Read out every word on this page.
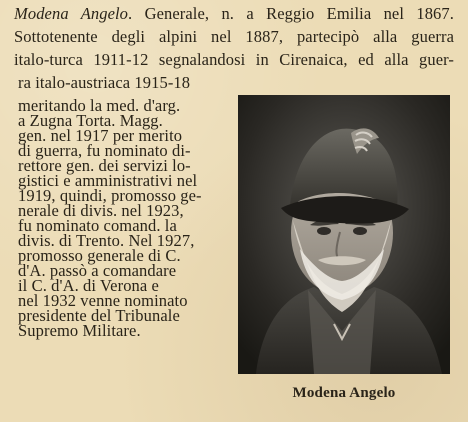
Modena Angelo. Generale, n. a Reggio Emilia nel 1867.
Sottotenente degli alpini nel 1887, partecipò alla guerra
italo-turca 1911-12 segnalandosi in Cirenaica, ed alla guer-
ra italo-austriaca 1915-18
meritando la med. d'arg.
a Zugna Torta. Magg.
gen. nel 1917 per merito
di guerra, fu nominato di-
rettore gen. dei servizi lo-
gistici e amministrativi nel
1919, quindi, promosso ge-
nerale di divis. nel 1923,
fu nominato comand. la
divis. di Trento. Nel 1927,
promosso generale di C.
d'A. passò a comandare
il C. d'A. di Verona e
nel 1932 venne nominato
presidente del Tribunale
Supremo Militare.
Modena Angelo
